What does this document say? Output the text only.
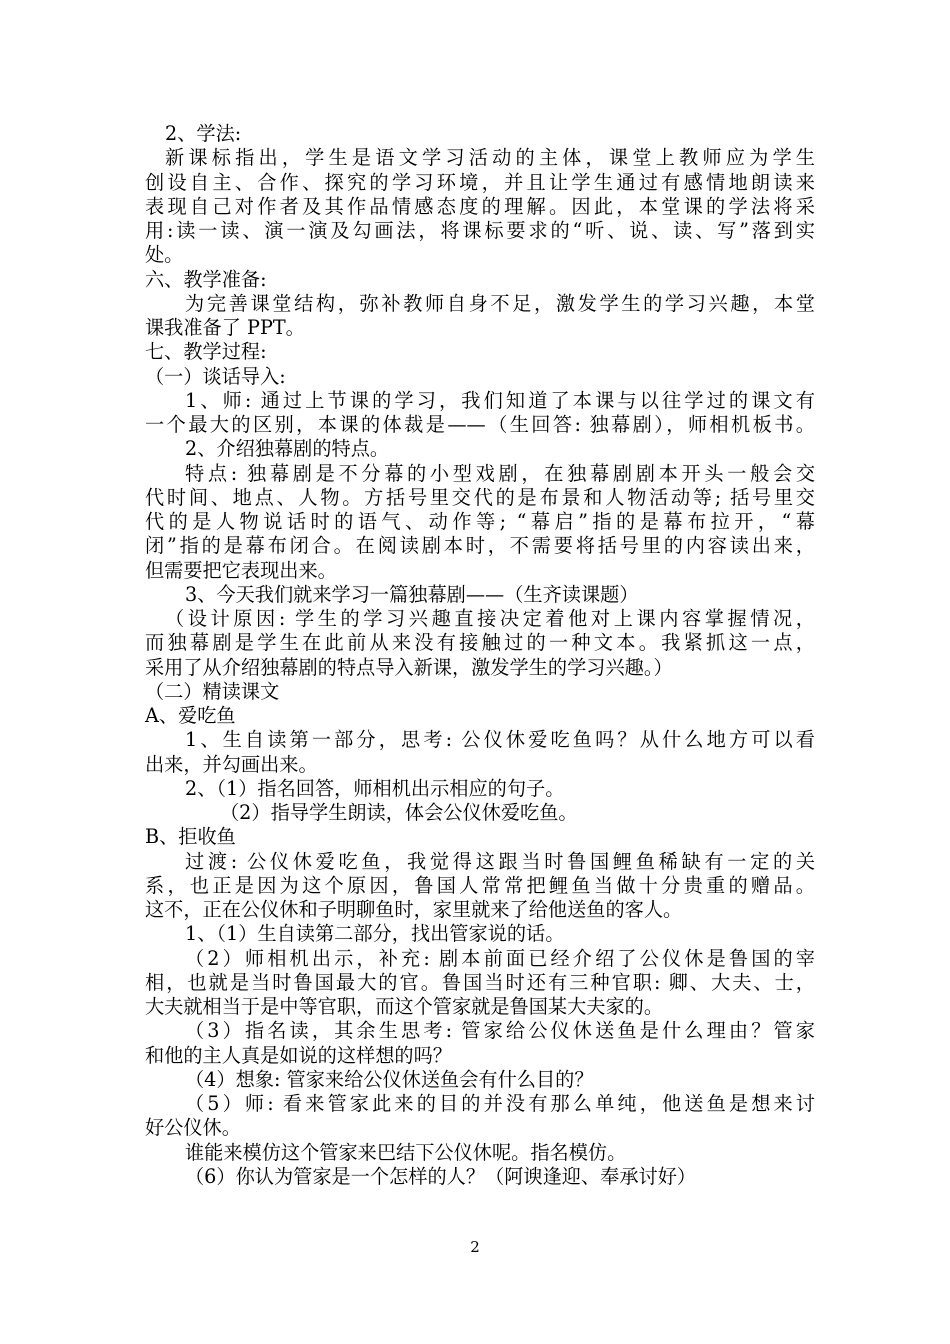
2、学法:
新课标指出，学生是语文学习活动的主体，课堂上教师应为学生
创设自主、合作、探究的学习环境，并且让学生通过有感情地朗读来
表现自己对作者及其作品情感态度的理解。因此，本堂课的学法将采
用:读一读、演一演及勾画法，将课标要求的“听、说、读、写”落到实
处。
六、教学准备:
为完善课堂结构，弥补教师自身不足，激发学生的学习兴趣，本堂
课我准备了 PPT。
七、教学过程:
（一）谈话导入:
1、师: 通过上节课的学习，我们知道了本课与以往学过的课文有
一个最大的区别，本课的体裁是——（生回答: 独幕剧），师相机板书。
2、介绍独幕剧的特点。
特点: 独幕剧是不分幕的小型戏剧，在独幕剧剧本开头一般会交
代时间、地点、人物。方括号里交代的是布景和人物活动等; 括号里交
代的是人物说话时的语气、动作等; “幕启”指的是幕布拉开，“幕
闭”指的是幕布闭合。在阅读剧本时，不需要将括号里的内容读出来，
但需要把它表现出来。
3、今天我们就来学习一篇独幕剧——（生齐读课题）
（设计原因: 学生的学习兴趣直接决定着他对上课内容掌握情况，
而独幕剧是学生在此前从来没有接触过的一种文本。我紧抓这一点，
采用了从介绍独幕剧的特点导入新课，激发学生的学习兴趣。）
（二）精读课文
A、爱吃鱼
1、生自读第一部分，思考: 公仪休爱吃鱼吗？从什么地方可以看
出来，并勾画出来。
2、（1）指名回答，师相机出示相应的句子。
（2）指导学生朗读，体会公仪休爱吃鱼。
B、拒收鱼
过渡: 公仪休爱吃鱼，我觉得这跟当时鲁国鲤鱼稀缺有一定的关
系，也正是因为这个原因，鲁国人常常把鲤鱼当做十分贵重的赠品。
这不，正在公仪休和子明聊鱼时，家里就来了给他送鱼的客人。
1、（1）生自读第二部分，找出管家说的话。
（2）师相机出示，补充: 剧本前面已经介绍了公仪休是鲁国的宰
相，也就是当时鲁国最大的官。鲁国当时还有三种官职: 卿、大夫、士，
大夫就相当于是中等官职，而这个管家就是鲁国某大夫家的。
（3）指名读，其余生思考: 管家给公仪休送鱼是什么理由？管家
和他的主人真是如说的这样想的吗？
（4）想象: 管家来给公仪休送鱼会有什么目的？
（5）师: 看来管家此来的目的并没有那么单纯，他送鱼是想来讨
好公仪休。
谁能来模仿这个管家来巴结下公仪休呢。指名模仿。
（6）你认为管家是一个怎样的人？（阿谀逢迎、奉承讨好）
2
